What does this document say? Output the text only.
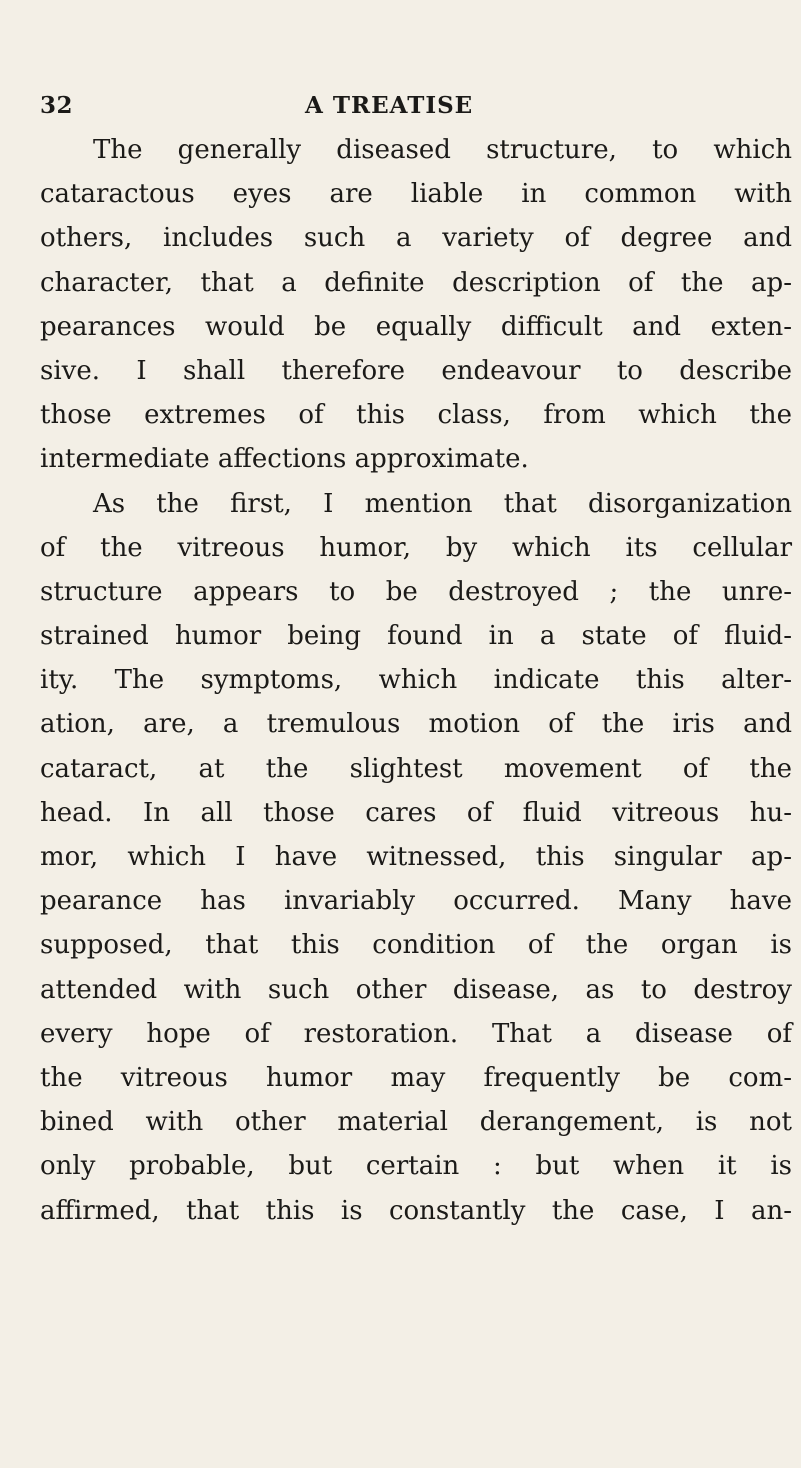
32	A TREATISE
The generally diseased structure, to which
cataractous eyes are liable in common with
others, includes such a variety of degree and
character, that a definite description of the ap-
pearances would be equally difficult and exten-
sive. I shall therefore endeavour to describe
those extremes of this class, from which the
intermediate affections approximate.
As the first, I mention that disorganization
of the vitreous humor, by which its cellular
structure appears to be destroyed ; the unre-
strained humor being found in a state of fluid-
ity. The symptoms, which indicate this alter-
ation, are, a tremulous motion of the iris and
cataract, at the slightest movement of the
head. In all those cares of fluid vitreous hu-
mor, which I have witnessed, this singular ap-
pearance has invariably occurred. Many have
supposed, that this condition of the organ is
attended with such other disease, as to destroy
every hope of restoration. That a disease of
the vitreous humor may frequently be com-
bined with other material derangement, is not
only probable, but certain : but when it is
affirmed, that this is constantly the case, I an-
